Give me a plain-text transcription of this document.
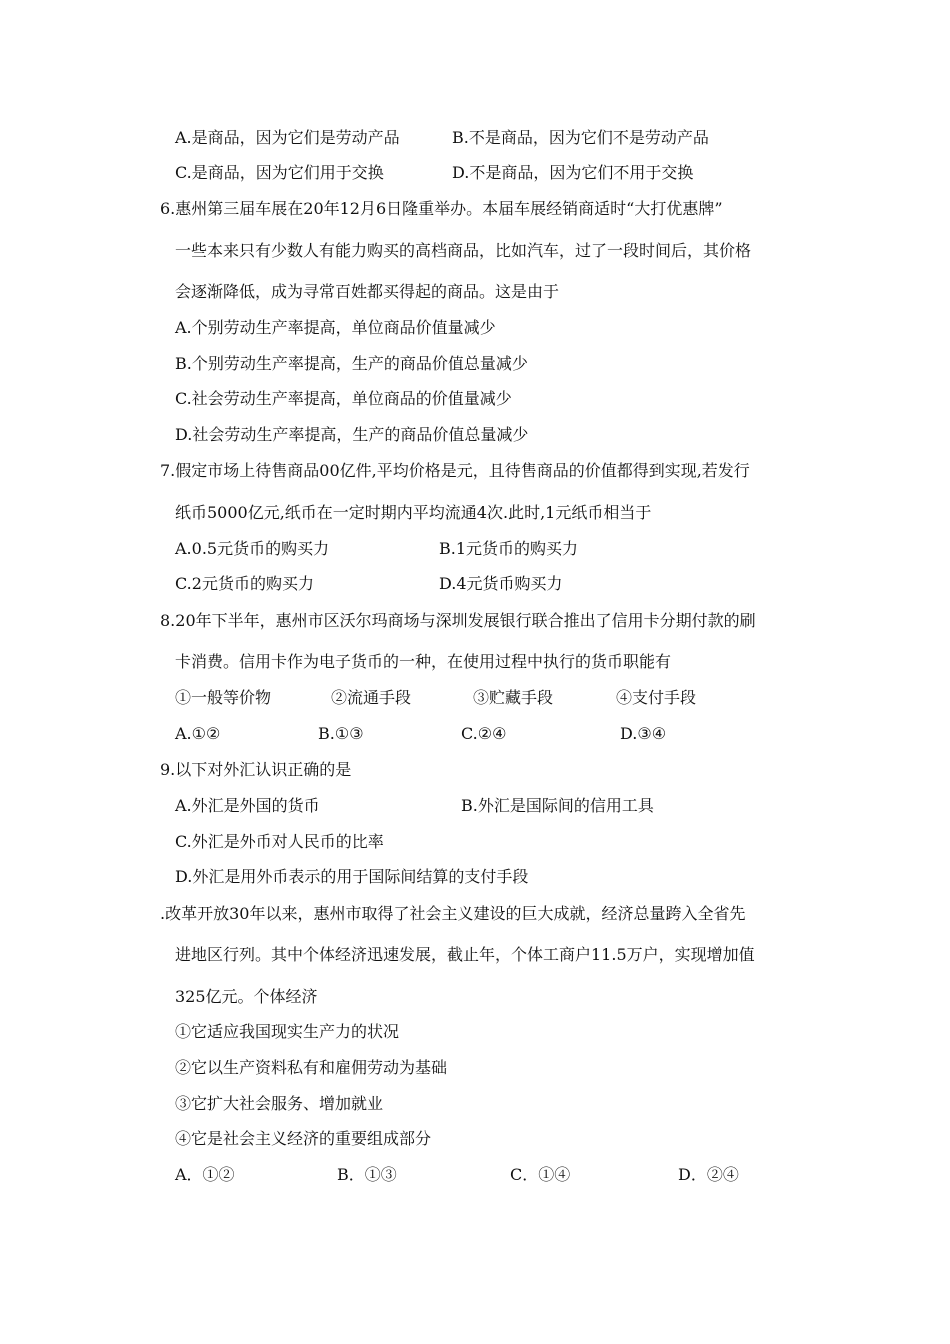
A.是商品，因为它们是劳动产品	B.不是商品，因为它们不是劳动产品
C.是商品，因为它们用于交换	D.不是商品，因为它们不用于交换
6.惠州第三届车展在20年12月6日隆重举办。本届车展经销商适时“大打优惠牌”
一些本来只有少数人有能力购买的高档商品，比如汽车，过了一段时间后，其价格
会逐渐降低，成为寻常百姓都买得起的商品。这是由于
A.个别劳动生产率提高，单位商品价值量减少
B.个别劳动生产率提高，生产的商品价值总量减少
C.社会劳动生产率提高，单位商品的价值量减少
D.社会劳动生产率提高，生产的商品价值总量减少
7.假定市场上待售商品00亿件,平均价格是元，且待售商品的价值都得到实现,若发行
纸币5000亿元,纸币在一定时期内平均流通4次.此时,1元纸币相当于
A.0.5元货币的购买力	B.1元货币的购买力
C.2元货币的购买力	D.4元货币购买力
8.20年下半年，惠州市区沃尔玛商场与深圳发展银行联合推出了信用卡分期付款的刷
卡消费。信用卡作为电子货币的一种，在使用过程中执行的货币职能有
①一般等价物	②流通手段	③贮藏手段	④支付手段
A.①②	B.①③	C.②④	D.③④
9.以下对外汇认识正确的是
A.外汇是外国的货币	B.外汇是国际间的信用工具
C.外汇是外币对人民币的比率
D.外汇是用外币表示的用于国际间结算的支付手段
.改革开放30年以来，惠州市取得了社会主义建设的巨大成就，经济总量跨入全省先
进地区行列。其中个体经济迅速发展，截止年，个体工商户11.5万户，实现增加值
325亿元。个体经济
①它适应我国现实生产力的状况
②它以生产资料私有和雇佣劳动为基础
③它扩大社会服务、增加就业
④它是社会主义经济的重要组成部分
A．①②	B．①③	C．①④	D．②④
